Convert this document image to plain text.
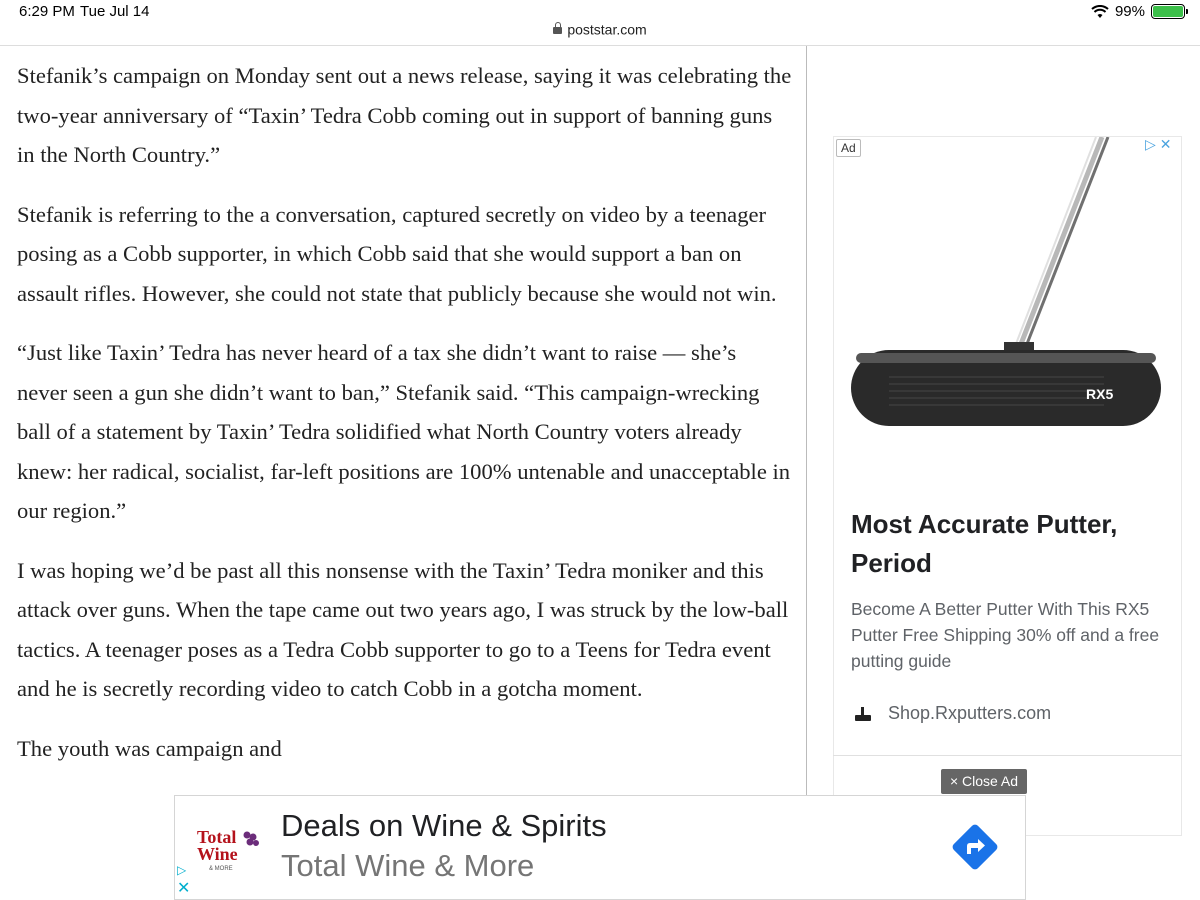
6:29 PM Tue Jul 14	99%
poststar.com

Stefanik’s campaign on Monday sent out a news release, saying it was celebrating the two-year anniversary of “Taxin’ Tedra Cobb coming out in support of banning guns in the North Country.”

Stefanik is referring to the a conversation, captured secretly on video by a teenager posing as a Cobb supporter, in which Cobb said that she would support a ban on assault rifles. However, she could not state that publicly because she would not win.

“Just like Taxin’ Tedra has never heard of a tax she didn’t want to raise — she’s never seen a gun she didn’t want to ban,” Stefanik said. “This campaign-wrecking ball of a statement by Taxin’ Tedra solidified what North Country voters already knew: her radical, socialist, far-left positions are 100% untenable and unacceptable in our region.”

I was hoping we’d be past all this nonsense with the Taxin’ Tedra moniker and this attack over guns. When the tape came out two years ago, I was struck by the low-ball tactics. A teenager poses as a Tedra Cobb supporter to go to a Teens for Tedra event and he is secretly recording video to catch Cobb in a gotcha moment.

The youth was campaign and

RX5
Ad	▷ ✕
Most Accurate Putter, Period
Become A Better Putter With This RX5 Putter Free Shipping 30% off and a free putting guide
Shop.Rxputters.com
× Close Ad
Total
Wine
& MORE
Deals on Wine & Spirits
Total Wine & More
▷
✕
